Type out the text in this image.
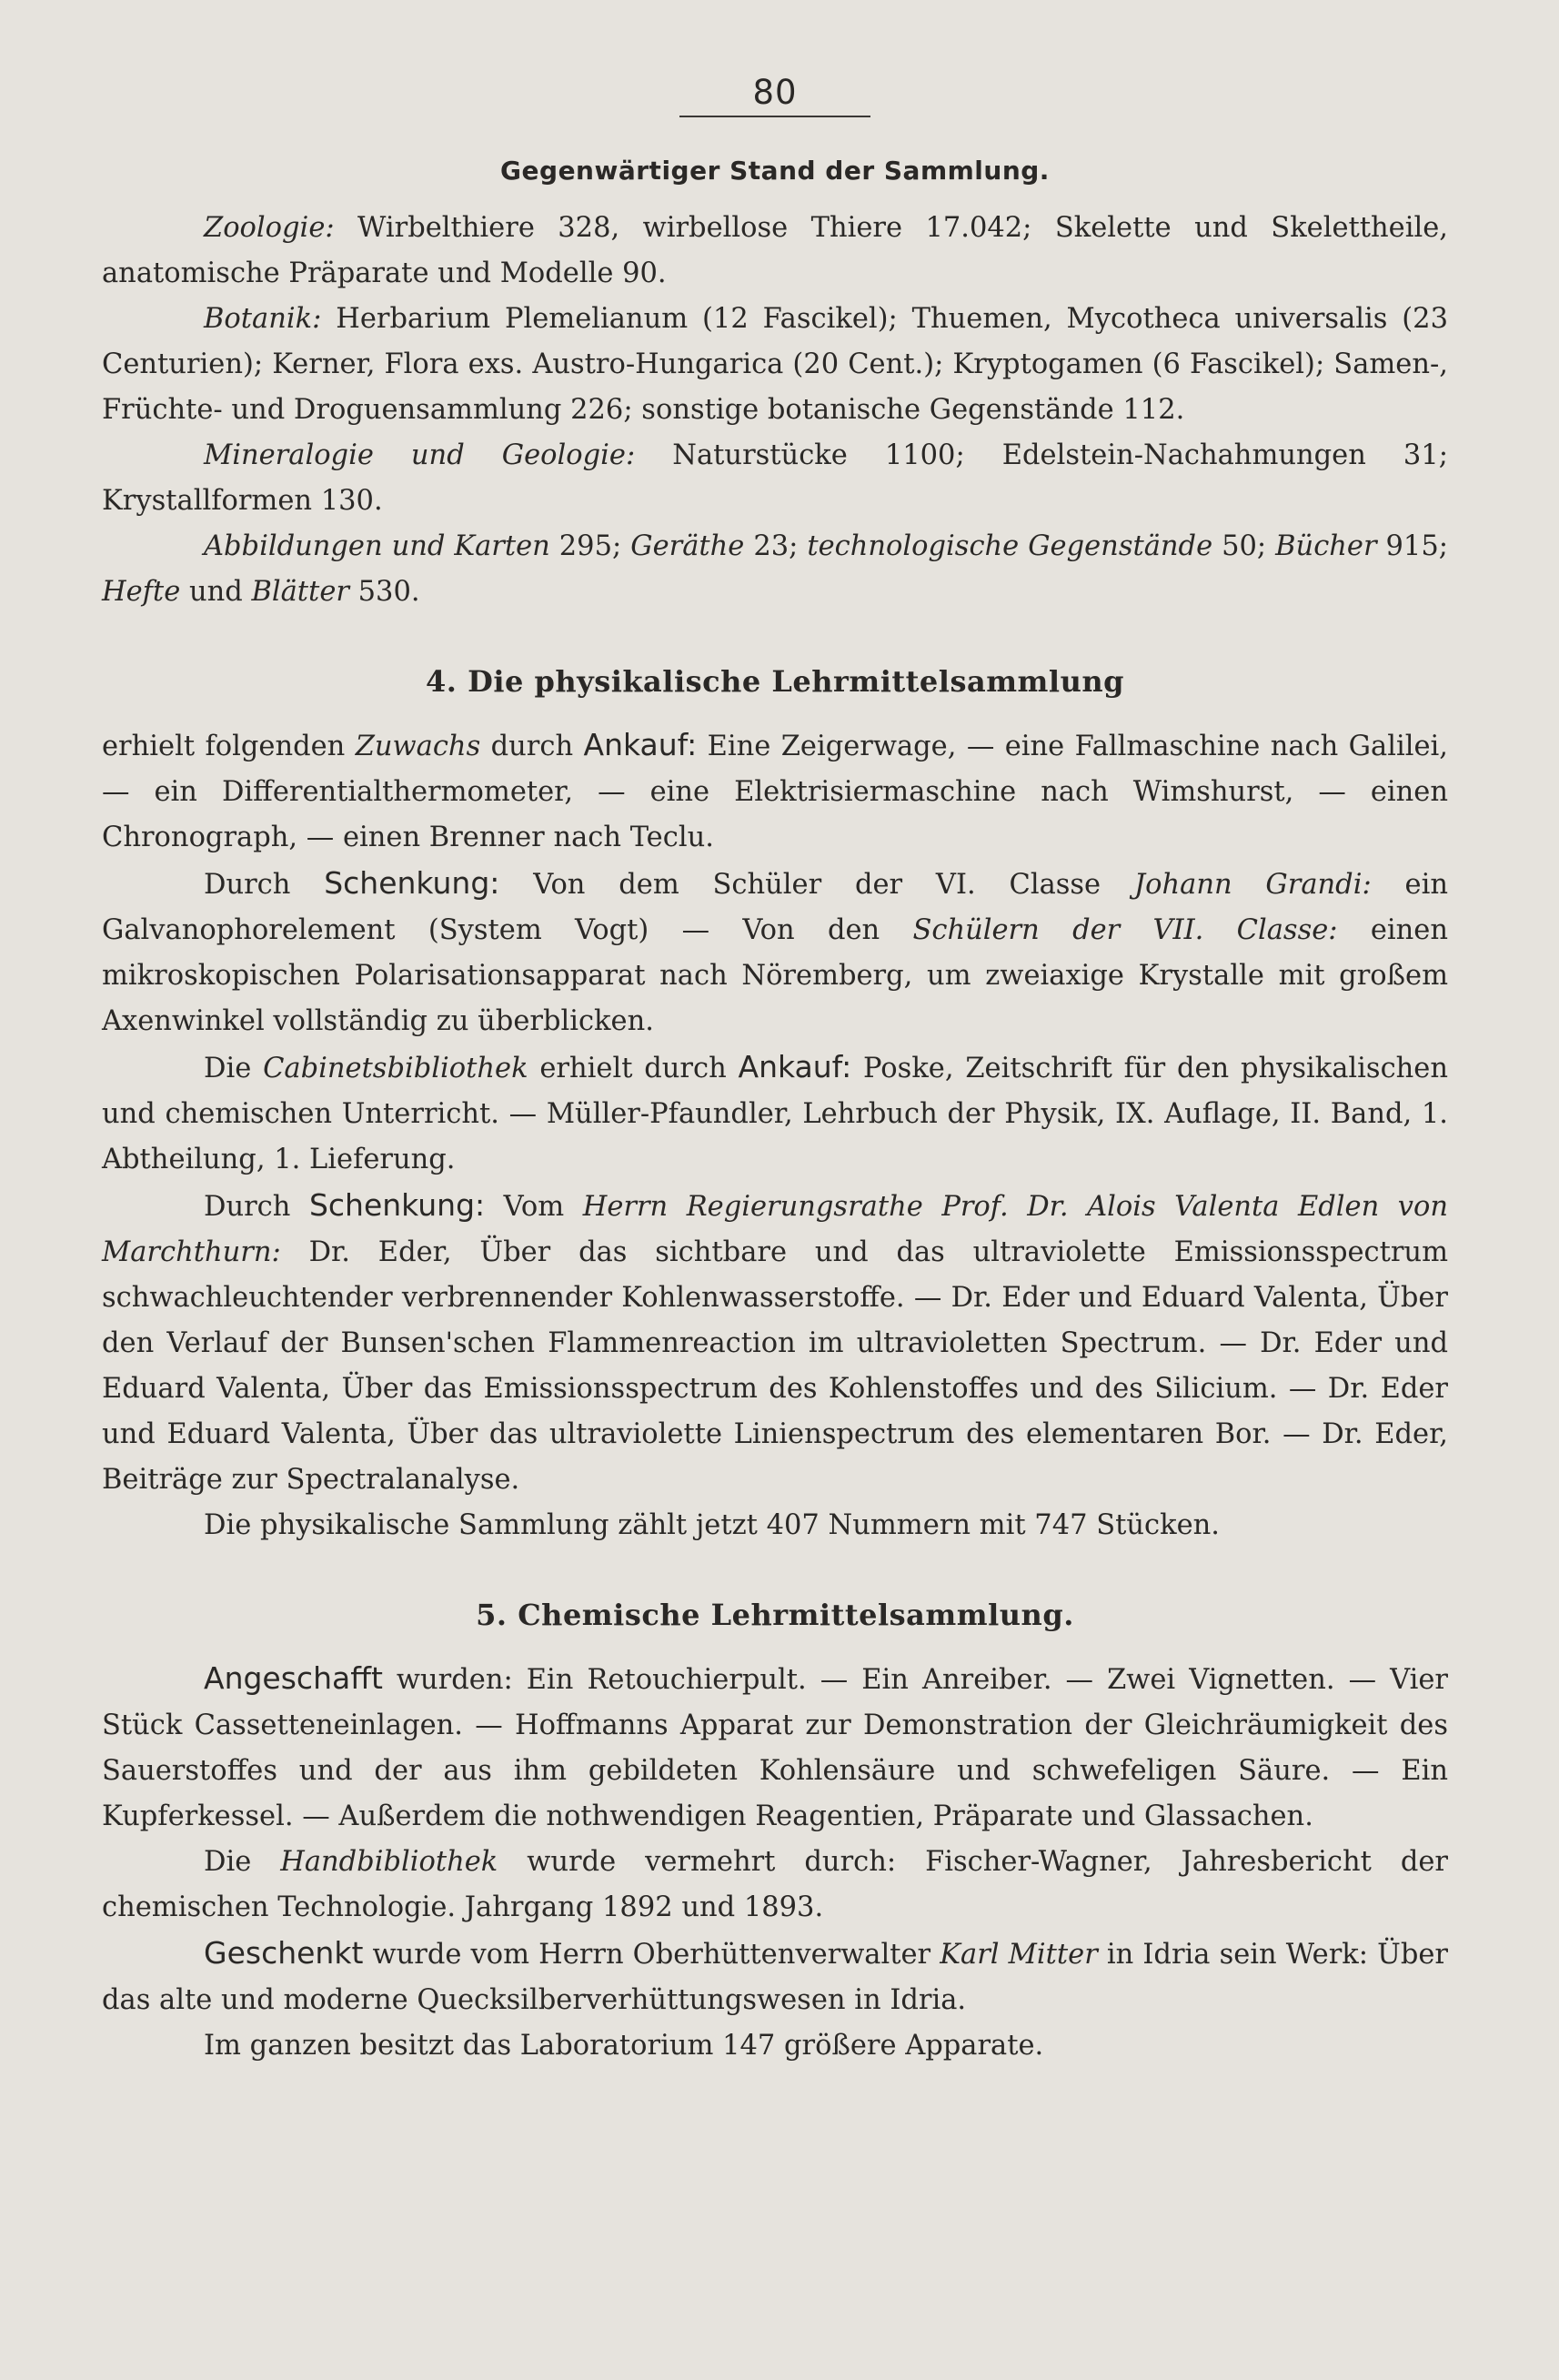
80
Gegenwärtiger Stand der Sammlung.

Zoologie: Wirbelthiere 328, wirbellose Thiere 17.042; Skelette und Skelettheile, anatomische Präparate und Modelle 90.

Botanik: Herbarium Plemelianum (12 Fascikel); Thuemen, Mycotheca universalis (23 Centurien); Kerner, Flora exs. Austro-Hungarica (20 Cent.); Kryptogamen (6 Fascikel); Samen-, Früchte- und Droguensammlung 226; sonstige botanische Gegenstände 112.

Mineralogie und Geologie: Naturstücke 1100; Edelstein-Nachahmungen 31; Krystallformen 130.

Abbildungen und Karten 295; Geräthe 23; technologische Gegenstände 50; Bücher 915; Hefte und Blätter 530.

4. Die physikalische Lehrmittelsammlung

erhielt folgenden Zuwachs durch Ankauf: Eine Zeigerwage, — eine Fallmaschine nach Galilei, — ein Differentialthermometer, — eine Elektrisiermaschine nach Wimshurst, — einen Chronograph, — einen Brenner nach Teclu.

Durch Schenkung: Von dem Schüler der VI. Classe Johann Grandi: ein Galvanophorelement (System Vogt) — Von den Schülern der VII. Classe: einen mikroskopischen Polarisationsapparat nach Nöremberg, um zweiaxige Krystalle mit großem Axenwinkel vollständig zu überblicken.

Die Cabinetsbibliothek erhielt durch Ankauf: Poske, Zeitschrift für den physikalischen und chemischen Unterricht. — Müller-Pfaundler, Lehrbuch der Physik, IX. Auflage, II. Band, 1. Abtheilung, 1. Lieferung.

Durch Schenkung: Vom Herrn Regierungsrathe Prof. Dr. Alois Valenta Edlen von Marchthurn: Dr. Eder, Über das sichtbare und das ultraviolette Emissionsspectrum schwachleuchtender verbrennender Kohlenwasserstoffe. — Dr. Eder und Eduard Valenta, Über den Verlauf der Bunsen'schen Flammenreaction im ultravioletten Spectrum. — Dr. Eder und Eduard Valenta, Über das Emissionsspectrum des Kohlenstoffes und des Silicium. — Dr. Eder und Eduard Valenta, Über das ultraviolette Linienspectrum des elementaren Bor. — Dr. Eder, Beiträge zur Spectralanalyse.

Die physikalische Sammlung zählt jetzt 407 Nummern mit 747 Stücken.

5. Chemische Lehrmittelsammlung.

Angeschafft wurden: Ein Retouchierpult. — Ein Anreiber. — Zwei Vignetten. — Vier Stück Cassetteneinlagen. — Hoffmanns Apparat zur Demonstration der Gleichräumigkeit des Sauerstoffes und der aus ihm gebildeten Kohlensäure und schwefeligen Säure. — Ein Kupferkessel. — Außerdem die nothwendigen Reagentien, Präparate und Glassachen.

Die Handbibliothek wurde vermehrt durch: Fischer-Wagner, Jahresbericht der chemischen Technologie. Jahrgang 1892 und 1893.

Geschenkt wurde vom Herrn Oberhüttenverwalter Karl Mitter in Idria sein Werk: Über das alte und moderne Quecksilberverhüttungswesen in Idria.

Im ganzen besitzt das Laboratorium 147 größere Apparate.
